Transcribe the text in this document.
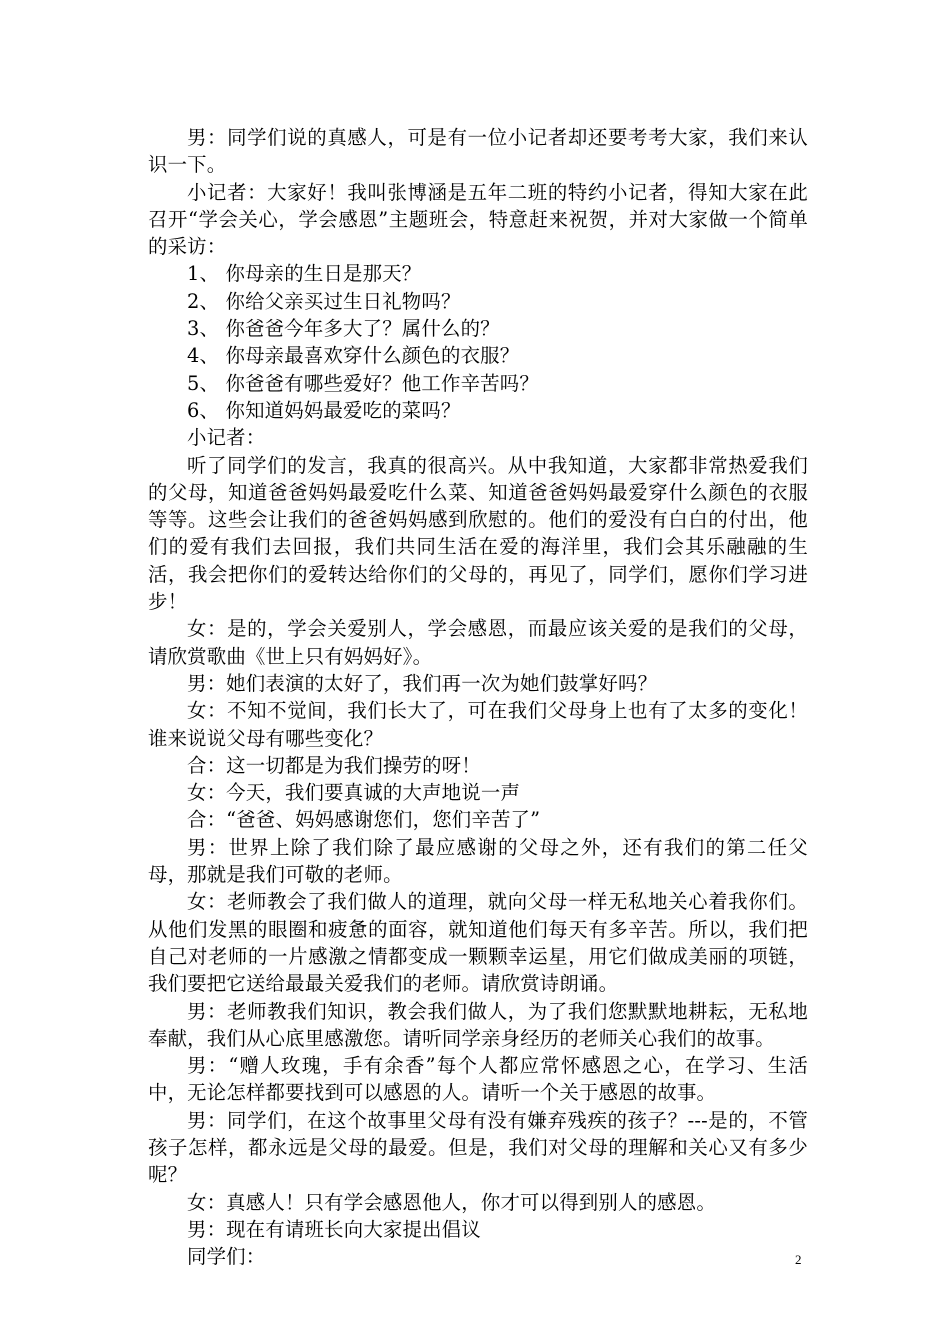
男：同学们说的真感人，可是有一位小记者却还要考考大家，我们来认识一下。

小记者：大家好！我叫张博涵是五年二班的特约小记者，得知大家在此召开“学会关心，学会感恩”主题班会，特意赶来祝贺，并对大家做一个简单的采访：

1、 你母亲的生日是那天？

2、 你给父亲买过生日礼物吗？

3、 你爸爸今年多大了？属什么的？

4、 你母亲最喜欢穿什么颜色的衣服？

5、 你爸爸有哪些爱好？他工作辛苦吗？

6、 你知道妈妈最爱吃的菜吗？

小记者：

听了同学们的发言，我真的很高兴。从中我知道，大家都非常热爱我们的父母，知道爸爸妈妈最爱吃什么菜、知道爸爸妈妈最爱穿什么颜色的衣服等等。这些会让我们的爸爸妈妈感到欣慰的。他们的爱没有白白的付出，他们的爱有我们去回报，我们共同生活在爱的海洋里，我们会其乐融融的生活，我会把你们的爱转达给你们的父母的，再见了，同学们，愿你们学习进步！

女：是的，学会关爱别人，学会感恩，而最应该关爱的是我们的父母，请欣赏歌曲《世上只有妈妈好》。

男：她们表演的太好了，我们再一次为她们鼓掌好吗？

女：不知不觉间，我们长大了，可在我们父母身上也有了太多的变化！谁来说说父母有哪些变化？

合：这一切都是为我们操劳的呀！

女：今天，我们要真诚的大声地说一声

合：“爸爸、妈妈感谢您们，您们辛苦了”

男：世界上除了我们除了最应感谢的父母之外，还有我们的第二任父母，那就是我们可敬的老师。

女：老师教会了我们做人的道理，就向父母一样无私地关心着我你们。从他们发黑的眼圈和疲惫的面容，就知道他们每天有多辛苦。所以，我们把自己对老师的一片感激之情都变成一颗颗幸运星，用它们做成美丽的项链，我们要把它送给最最关爱我们的老师。请欣赏诗朗诵。

男：老师教我们知识，教会我们做人，为了我们您默默地耕耘，无私地奉献，我们从心底里感激您。请听同学亲身经历的老师关心我们的故事。

男：“赠人玫瑰，手有余香”每个人都应常怀感恩之心，在学习、生活中，无论怎样都要找到可以感恩的人。请听一个关于感恩的故事。

男：同学们，在这个故事里父母有没有嫌弃残疾的孩子？---是的，不管孩子怎样，都永远是父母的最爱。但是，我们对父母的理解和关心又有多少呢？

女：真感人！只有学会感恩他人，你才可以得到别人的感恩。

男：现在有请班长向大家提出倡议

同学们：	2
